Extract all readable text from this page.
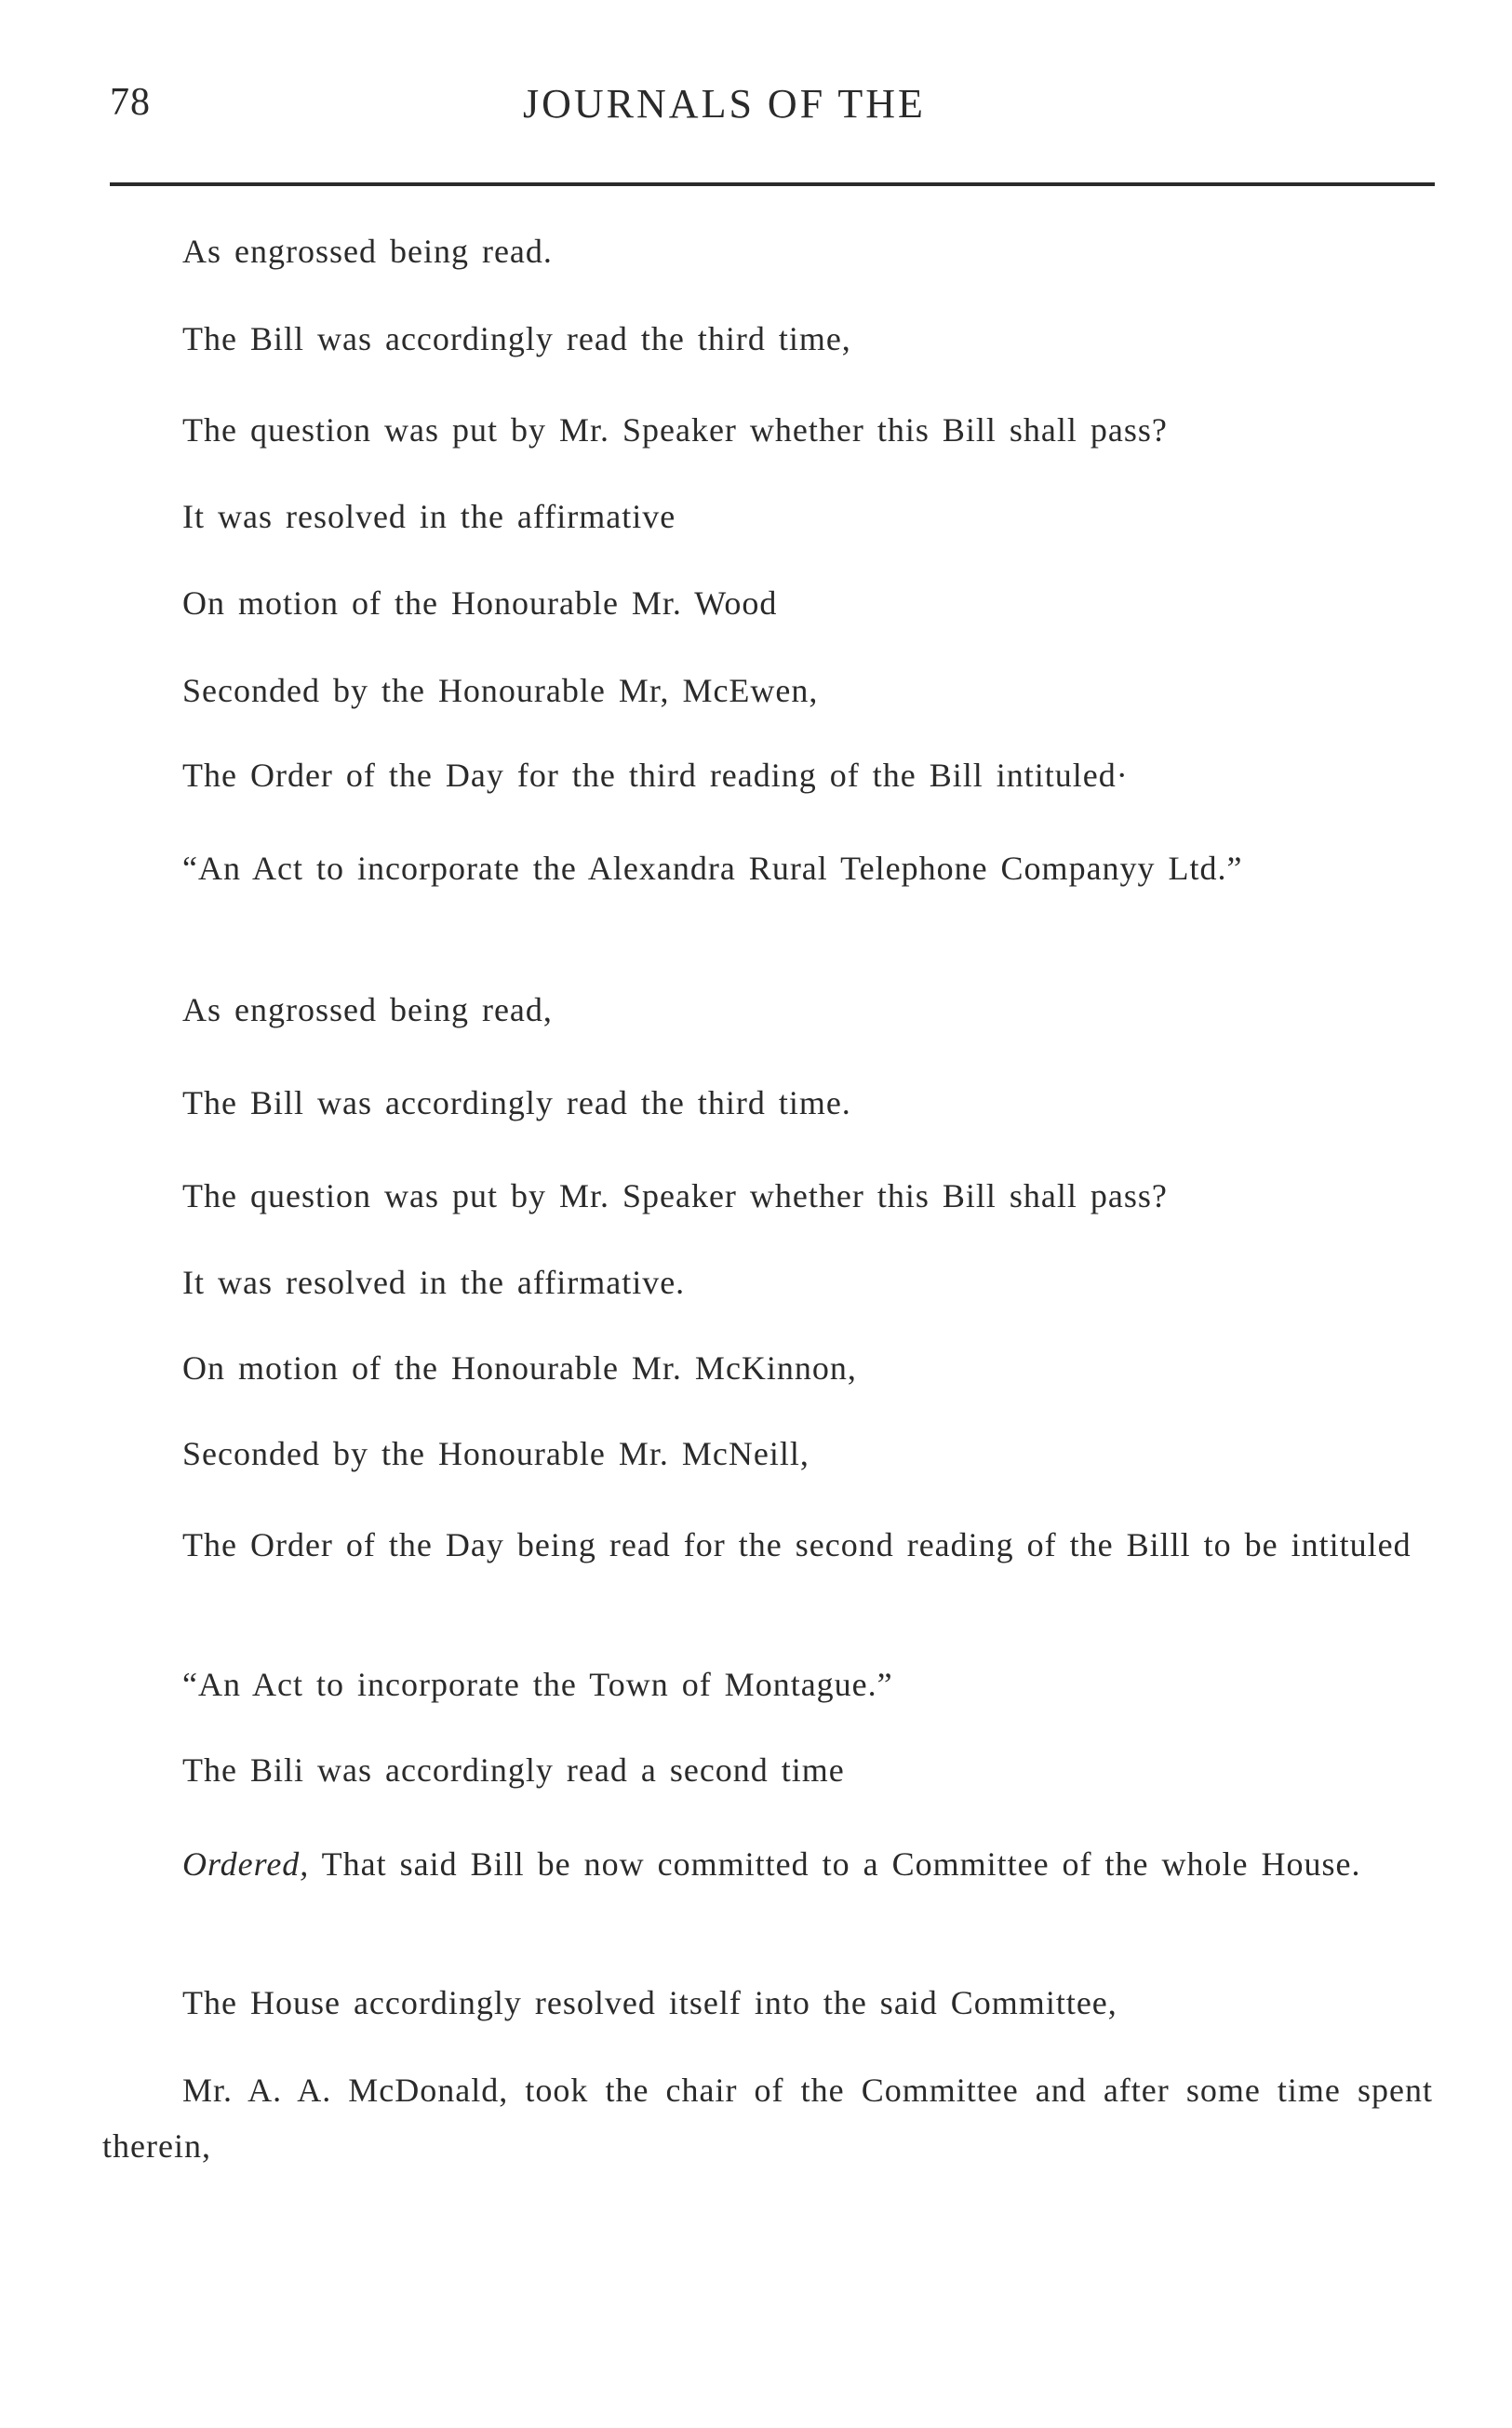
78	JOURNALS OF THE

As engrossed being read.

The Bill was accordingly read the third time,

The question was put by Mr. Speaker whether this Bill shall pass?

It was resolved in the affirmative

On motion of the Honourable Mr. Wood

Seconded by the Honourable Mr, McEwen,

The Order of the Day for the third reading of the Bill intituled·

“An Act to incorporate the Alexandra Rural Telephone Companyy Ltd.”

As engrossed being read,

The Bill was accordingly read the third time.

The question was put by Mr. Speaker whether this Bill shall pass?

It was resolved in the affirmative.

On motion of the Honourable Mr. McKinnon,

Seconded by the Honourable Mr. McNeill,

The Order of the Day being read for the second reading of the Billl to be intituled

“An Act to incorporate the Town of Montague.”

The Bili was accordingly read a second time

Ordered, That said Bill be now committed to a Committee of the whole House.

The House accordingly resolved itself into the said Committee,

Mr. A. A. McDonald, took the chair of the Committee and after some time spent therein,
